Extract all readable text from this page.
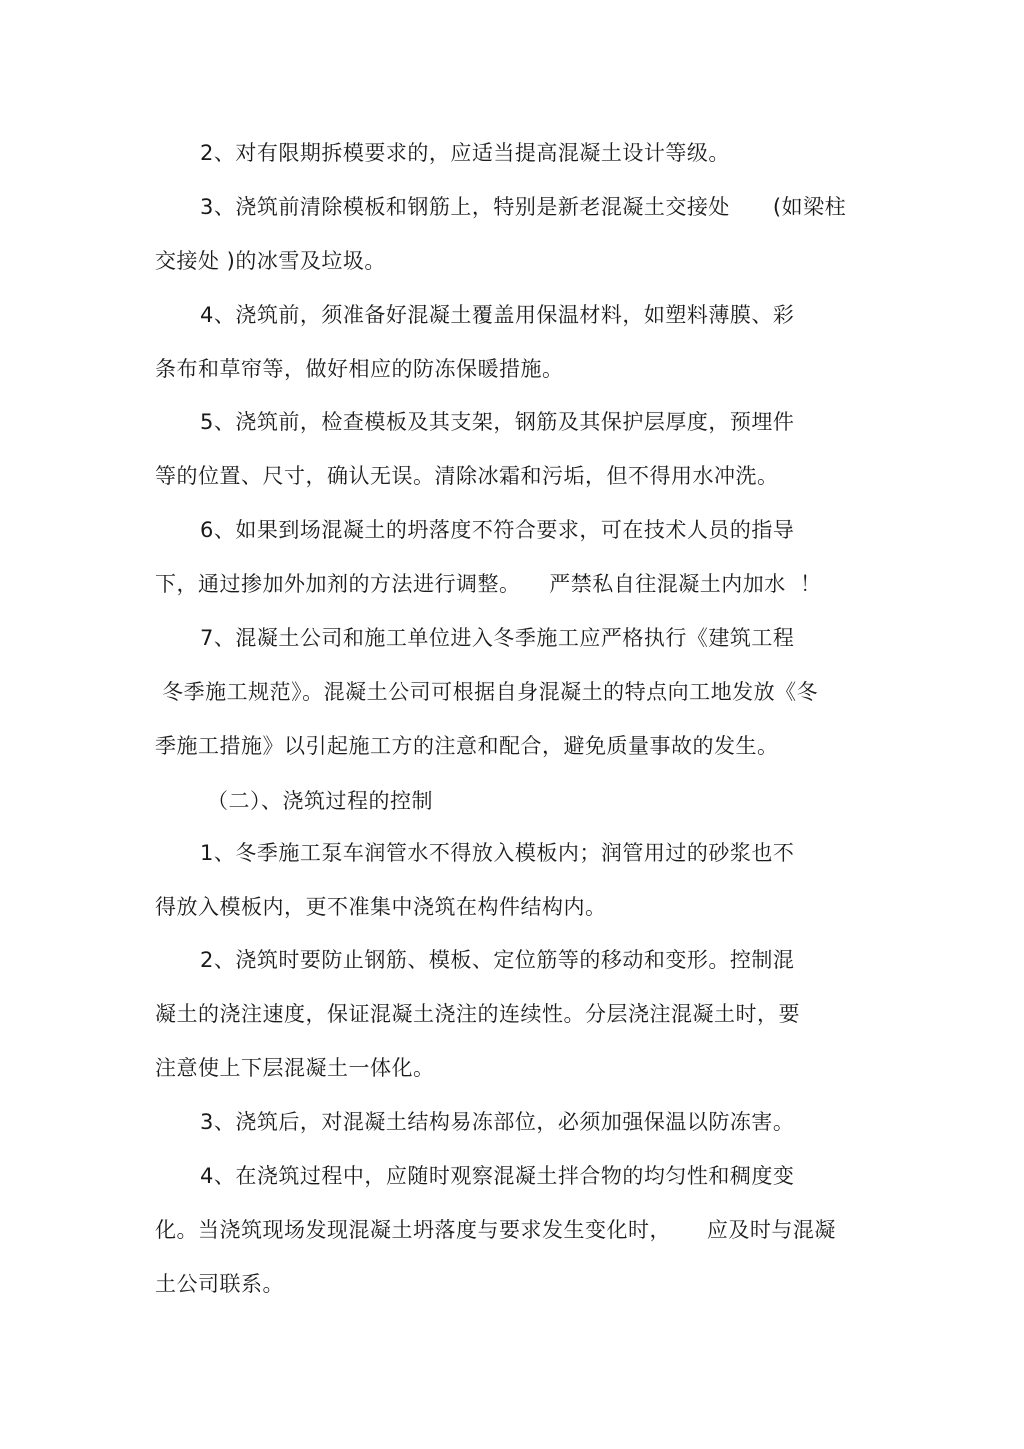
2、对有限期拆模要求的，应适当提高混凝土设计等级。
3、浇筑前清除模板和钢筋上，特别是新老混凝土交接处      (如梁柱
交接处 )的冰雪及垃圾。
4、浇筑前，须准备好混凝土覆盖用保温材料，如塑料薄膜、彩
条布和草帘等，做好相应的防冻保暖措施。
5、浇筑前，检查模板及其支架，钢筋及其保护层厚度，预埋件
等的位置、尺寸，确认无误。清除冰霜和污垢，但不得用水冲洗。
6、如果到场混凝土的坍落度不符合要求，可在技术人员的指导
下，通过掺加外加剂的方法进行调整。    严禁私自往混凝土内加水  ！
7、混凝土公司和施工单位进入冬季施工应严格执行《建筑工程
冬季施工规范》。混凝土公司可根据自身混凝土的特点向工地发放《冬
季施工措施》以引起施工方的注意和配合，避免质量事故的发生。
（二）、浇筑过程的控制
1、冬季施工泵车润管水不得放入模板内；润管用过的砂浆也不
得放入模板内，更不准集中浇筑在构件结构内。
2、浇筑时要防止钢筋、模板、定位筋等的移动和变形。控制混
凝土的浇注速度，保证混凝土浇注的连续性。分层浇注混凝土时，要
注意使上下层混凝土一体化。
3、浇筑后，对混凝土结构易冻部位，必须加强保温以防冻害。
4、在浇筑过程中，应随时观察混凝土拌合物的均匀性和稠度变
化。当浇筑现场发现混凝土坍落度与要求发生变化时，     应及时与混凝
土公司联系。
